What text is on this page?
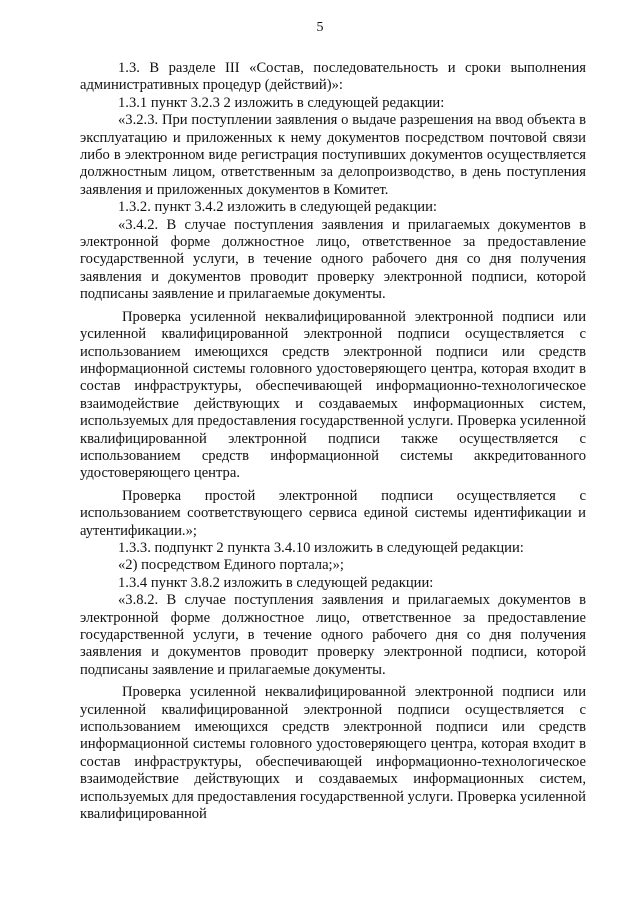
5

1.3. В разделе III «Состав, последовательность и сроки выполнения административных процедур (действий)»:

1.3.1 пункт 3.2.3 2 изложить в следующей редакции:

«3.2.3. При поступлении заявления о выдаче разрешения на ввод объекта в эксплуатацию и приложенных к нему документов посредством почтовой связи либо в электронном виде регистрация поступивших документов осуществляется должностным лицом, ответственным за делопроизводство, в день поступления заявления и приложенных документов в Комитет.

1.3.2. пункт 3.4.2 изложить в следующей редакции:

«3.4.2. В случае поступления заявления и прилагаемых документов в электронной форме должностное лицо, ответственное за предоставление государственной услуги, в течение одного рабочего дня со дня получения заявления и документов проводит проверку электронной подписи, которой подписаны заявление и прилагаемые документы.

Проверка усиленной неквалифицированной электронной подписи или усиленной квалифицированной электронной подписи осуществляется с использованием имеющихся средств электронной подписи или средств информационной системы головного удостоверяющего центра, которая входит в состав инфраструктуры, обеспечивающей информационно-технологическое взаимодействие действующих и создаваемых информационных систем, используемых для предоставления государственной услуги. Проверка усиленной квалифицированной электронной подписи также осуществляется с использованием средств информационной системы аккредитованного удостоверяющего центра.

Проверка простой электронной подписи осуществляется с использованием соответствующего сервиса единой системы идентификации и аутентификации.»;

1.3.3. подпункт 2 пункта 3.4.10 изложить в следующей редакции:

«2) посредством Единого портала;»;

1.3.4 пункт 3.8.2 изложить в следующей редакции:

«3.8.2. В случае поступления заявления и прилагаемых документов в электронной форме должностное лицо, ответственное за предоставление государственной услуги, в течение одного рабочего дня со дня получения заявления и документов проводит проверку электронной подписи, которой подписаны заявление и прилагаемые документы.

Проверка усиленной неквалифицированной электронной подписи или усиленной квалифицированной электронной подписи осуществляется с использованием имеющихся средств электронной подписи или средств информационной системы головного удостоверяющего центра, которая входит в состав инфраструктуры, обеспечивающей информационно-технологическое взаимодействие действующих и создаваемых информационных систем, используемых для предоставления государственной услуги. Проверка усиленной квалифицированной
